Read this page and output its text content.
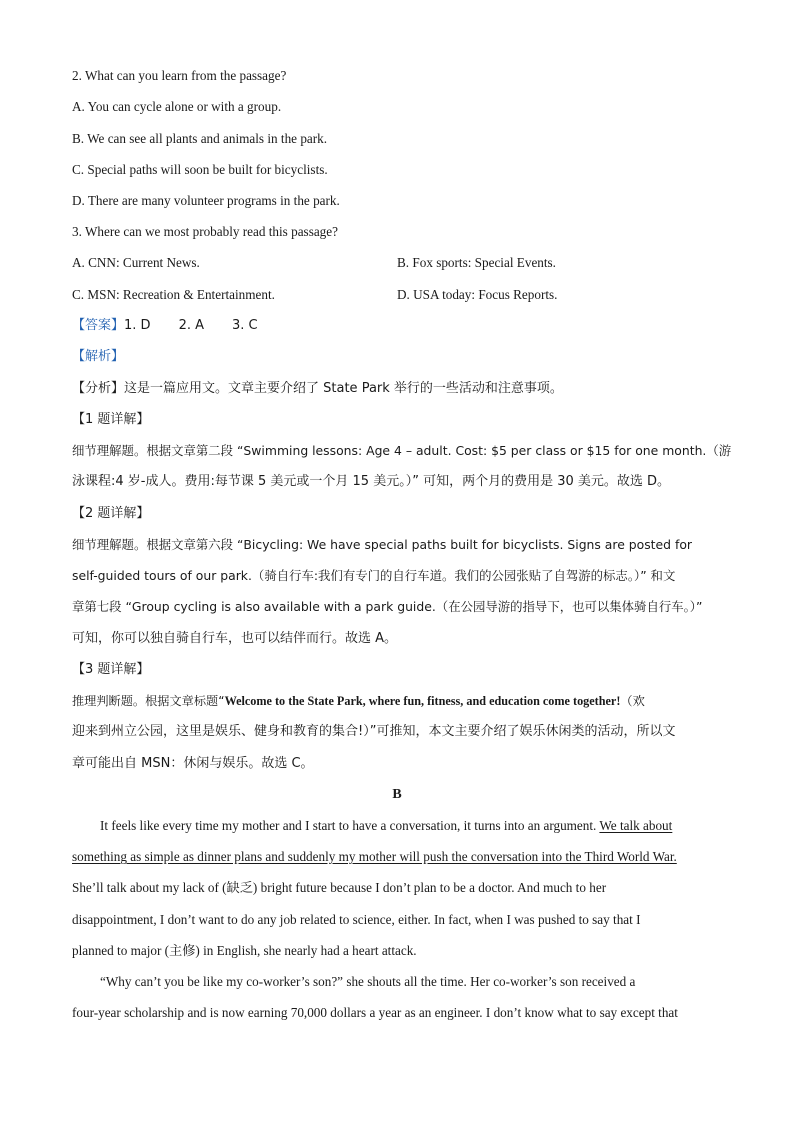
2. What can you learn from the passage?
A. You can cycle alone or with a group.
B. We can see all plants and animals in the park.
C. Special paths will soon be built for bicyclists.
D. There are many volunteer programs in the park.
3. Where can we most probably read this passage?
A. CNN: Current News.	B. Fox sports: Special Events.
C. MSN: Recreation & Entertainment.	D. USA today: Focus Reports.
【答案】1. D 2. A 3. C
【解析】
【分析】这是一篇应用文。文章主要介绍了 State Park 举行的一些活动和注意事项。
【1 题详解】
细节理解题。根据文章第二段 “Swimming lessons: Age 4 – adult. Cost: $5 per class or $15 for one month.（游
泳课程:4 岁-成人。费用:每节课 5 美元或一个月 15 美元。）” 可知，两个月的费用是 30 美元。故选 D。
【2 题详解】
细节理解题。根据文章第六段 “Bicycling: We have special paths built for bicyclists. Signs are posted for
self-guided tours of our park.（骑自行车:我们有专门的自行车道。我们的公园张贴了自驾游的标志。）” 和文
章第七段 “Group cycling is also available with a park guide.（在公园导游的指导下，也可以集体骑自行车。）”
可知，你可以独自骑自行车，也可以结伴而行。故选 A。
【3 题详解】
推理判断题。根据文章标题“Welcome to the State Park, where fun, fitness, and education come together!（欢
迎来到州立公园，这里是娱乐、健身和教育的集合!）”可推知，本文主要介绍了娱乐休闲类的活动，所以文
章可能出自 MSN：休闲与娱乐。故选 C。
B
It feels like every time my mother and I start to have a conversation, it turns into an argument. We talk about
something as simple as dinner plans and suddenly my mother will push the conversation into the Third World War.
She’ll talk about my lack of (缺乏) bright future because I don’t plan to be a doctor. And much to her
disappointment, I don’t want to do any job related to science, either. In fact, when I was pushed to say that I
planned to major (主修) in English, she nearly had a heart attack.
“Why can’t you be like my co-worker’s son?” she shouts all the time. Her co-worker’s son received a
four-year scholarship and is now earning 70,000 dollars a year as an engineer. I don’t know what to say except that
